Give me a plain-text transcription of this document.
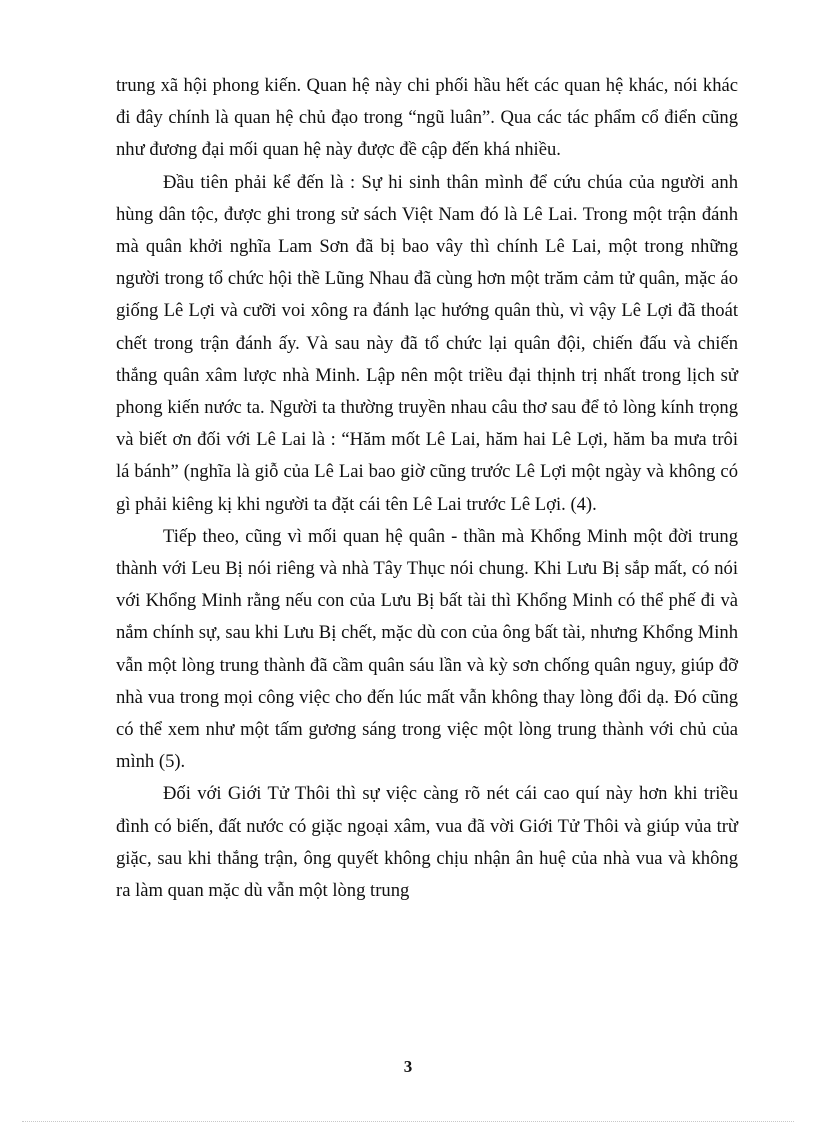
trung xã hội phong kiến. Quan hệ này chi phối hầu hết các quan hệ khác, nói khác đi đây chính là quan hệ chủ đạo trong “ngũ luân”. Qua các tác phẩm cổ điển cũng như đương đại mối quan hệ này được đề cập đến khá nhiều.

Đầu tiên phải kể đến là : Sự hi sinh thân mình để cứu chúa của người anh hùng dân tộc, được ghi trong sử sách Việt Nam đó là Lê Lai. Trong một trận đánh mà quân khởi nghĩa Lam Sơn đã bị bao vây thì chính Lê Lai, một trong những người trong tổ chức hội thề Lũng Nhau đã cùng hơn một trăm cảm tử quân, mặc áo giống Lê Lợi và cưỡi voi xông ra đánh lạc hướng quân thù, vì vậy Lê Lợi đã thoát chết trong trận đánh ấy. Và sau này đã tổ chức lại quân đội, chiến đấu và chiến thắng quân xâm lược nhà Minh. Lập nên một triều đại thịnh trị nhất trong lịch sử phong kiến nước ta. Người ta thường truyền nhau câu thơ sau để tỏ lòng kính trọng và biết ơn đối với Lê Lai là : “Hăm mốt Lê Lai, hăm hai Lê Lợi, hăm ba mưa trôi lá bánh” (nghĩa là giỗ của Lê Lai bao giờ cũng trước Lê Lợi một ngày và không có gì phải kiêng kị khi người ta đặt cái tên Lê Lai trước Lê Lợi. (4).

Tiếp theo, cũng vì mối quan hệ quân - thần mà Khổng Minh một đời trung thành với Leu Bị nói riêng và nhà Tây Thục nói chung. Khi Lưu Bị sắp mất, có nói với Khổng Minh rằng nếu con của Lưu Bị bất tài thì Khổng Minh có thể phế đi và nắm chính sự, sau khi Lưu Bị chết, mặc dù con của ông bất tài, nhưng Khổng Minh vẫn một lòng trung thành đã cầm quân sáu lần và kỳ sơn chống quân nguy, giúp đỡ nhà vua trong mọi công việc cho đến lúc mất vẫn không thay lòng đổi dạ. Đó cũng có thể xem như một tấm gương sáng trong việc một lòng trung thành với chủ của mình (5).

Đối với Giới Tử Thôi thì sự việc càng rõ nét cái cao quí này hơn khi triều đình có biến, đất nước có giặc ngoại xâm, vua đã vời Giới Tử Thôi và giúp vủa trừ giặc, sau khi thắng trận, ông quyết không chịu nhận ân huệ của nhà vua và không ra làm quan mặc dù vẫn một lòng trung

3
